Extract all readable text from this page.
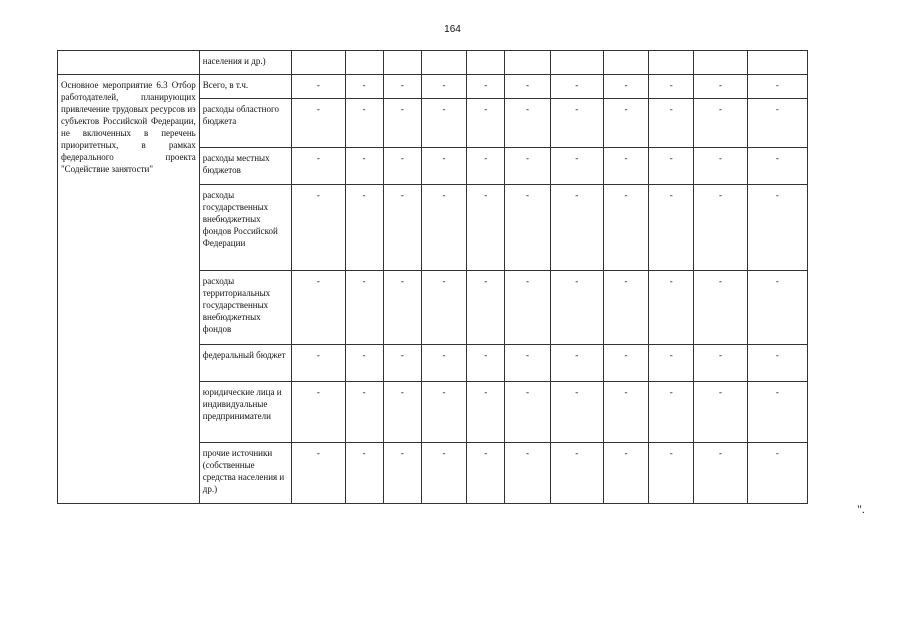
164
	населения и др.)											
Основное мероприятие 6.3 Отбор работодателей, планирующих привлечение трудовых ресурсов из субъектов Российской Федерации, не включенных в перечень приоритетных, в рамках федерального проекта "Содействие занятости"	Всего, в т.ч.	-	-	-	-	-	-	-	-	-	-	-
	расходы областного бюджета	-	-	-	-	-	-	-	-	-	-	-
	расходы местных бюджетов	-	-	-	-	-	-	-	-	-	-	-
	расходы государственных внебюджетных фондов Российской Федерации	-	-	-	-	-	-	-	-	-	-	-
	расходы территориальных государственных внебюджетных фондов	-	-	-	-	-	-	-	-	-	-	-
	федеральный бюджет	-	-	-	-	-	-	-	-	-	-	-
	юридические лица и индивидуальные предприниматели	-	-	-	-	-	-	-	-	-	-	-
	прочие источники (собственные средства населения и др.)	-	-	-	-	-	-	-	-	-	-	-
".
